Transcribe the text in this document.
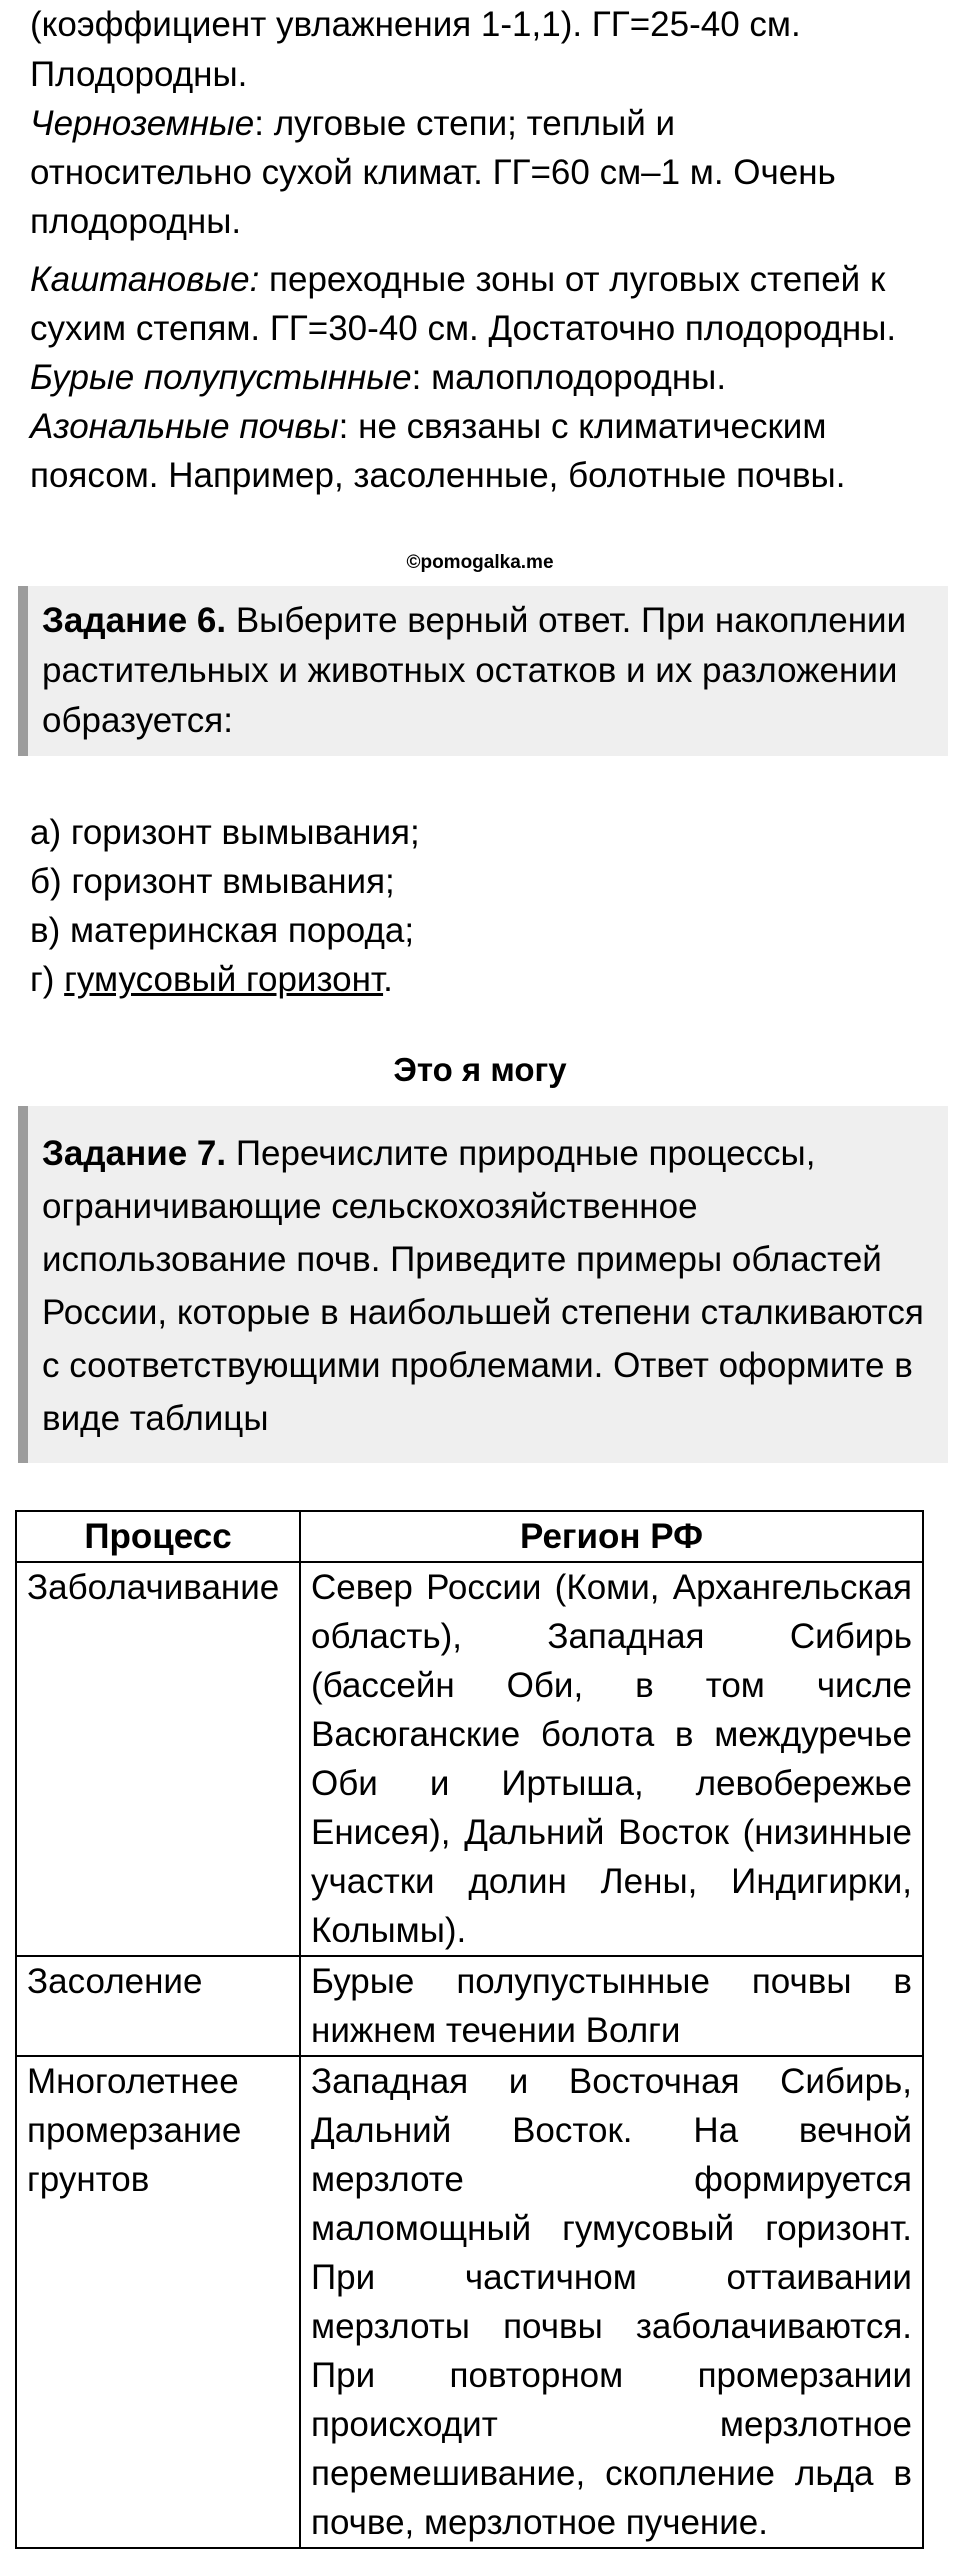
(коэффициент увлажнения 1-1,1). ГГ=25-40 см.
Плодородны.
Черноземные: луговые степи; теплый и
относительно сухой климат. ГГ=60 см–1 м. Очень
плодородны.
Каштановые: переходные зоны от луговых степей к
сухим степям. ГГ=30-40 см. Достаточно плодородны.
Бурые полупустынные: малоплодородны.
Азональные почвы: не связаны с климатическим
поясом. Например, засоленные, болотные почвы.
©pomogalka.me
Задание 6. Выберите верный ответ. При накоплении растительных и животных остатков и их разложении образуется:
а) горизонт вымывания;
б) горизонт вмывания;
в) материнская порода;
г) гумусовый горизонт.
Это я могу
Задание 7. Перечислите природные процессы, ограничивающие сельскохозяйственное использование почв. Приведите примеры областей России, которые в наибольшей степени сталкиваются с соответствующими проблемами. Ответ оформите в виде таблицы
Процесс	Регион РФ
Заболачивание	Север России (Коми, Архангельская область), Западная Сибирь (бассейн Оби, в том числе Васюганские болота в междуречье Оби и Иртыша, левобережье Енисея), Дальний Восток (низинные участки долин Лены, Индигирки, Колымы).
Засоление	Бурые полупустынные почвы в нижнем течении Волги
Многолетнее промерзание грунтов	Западная и Восточная Сибирь, Дальний Восток. На вечной мерзлоте формируется маломощный гумусовый горизонт. При частичном оттаивании мерзлоты почвы заболачиваются. При повторном промерзании происходит мерзлотное перемешивание, скопление льда в почве, мерзлотное пучение.
